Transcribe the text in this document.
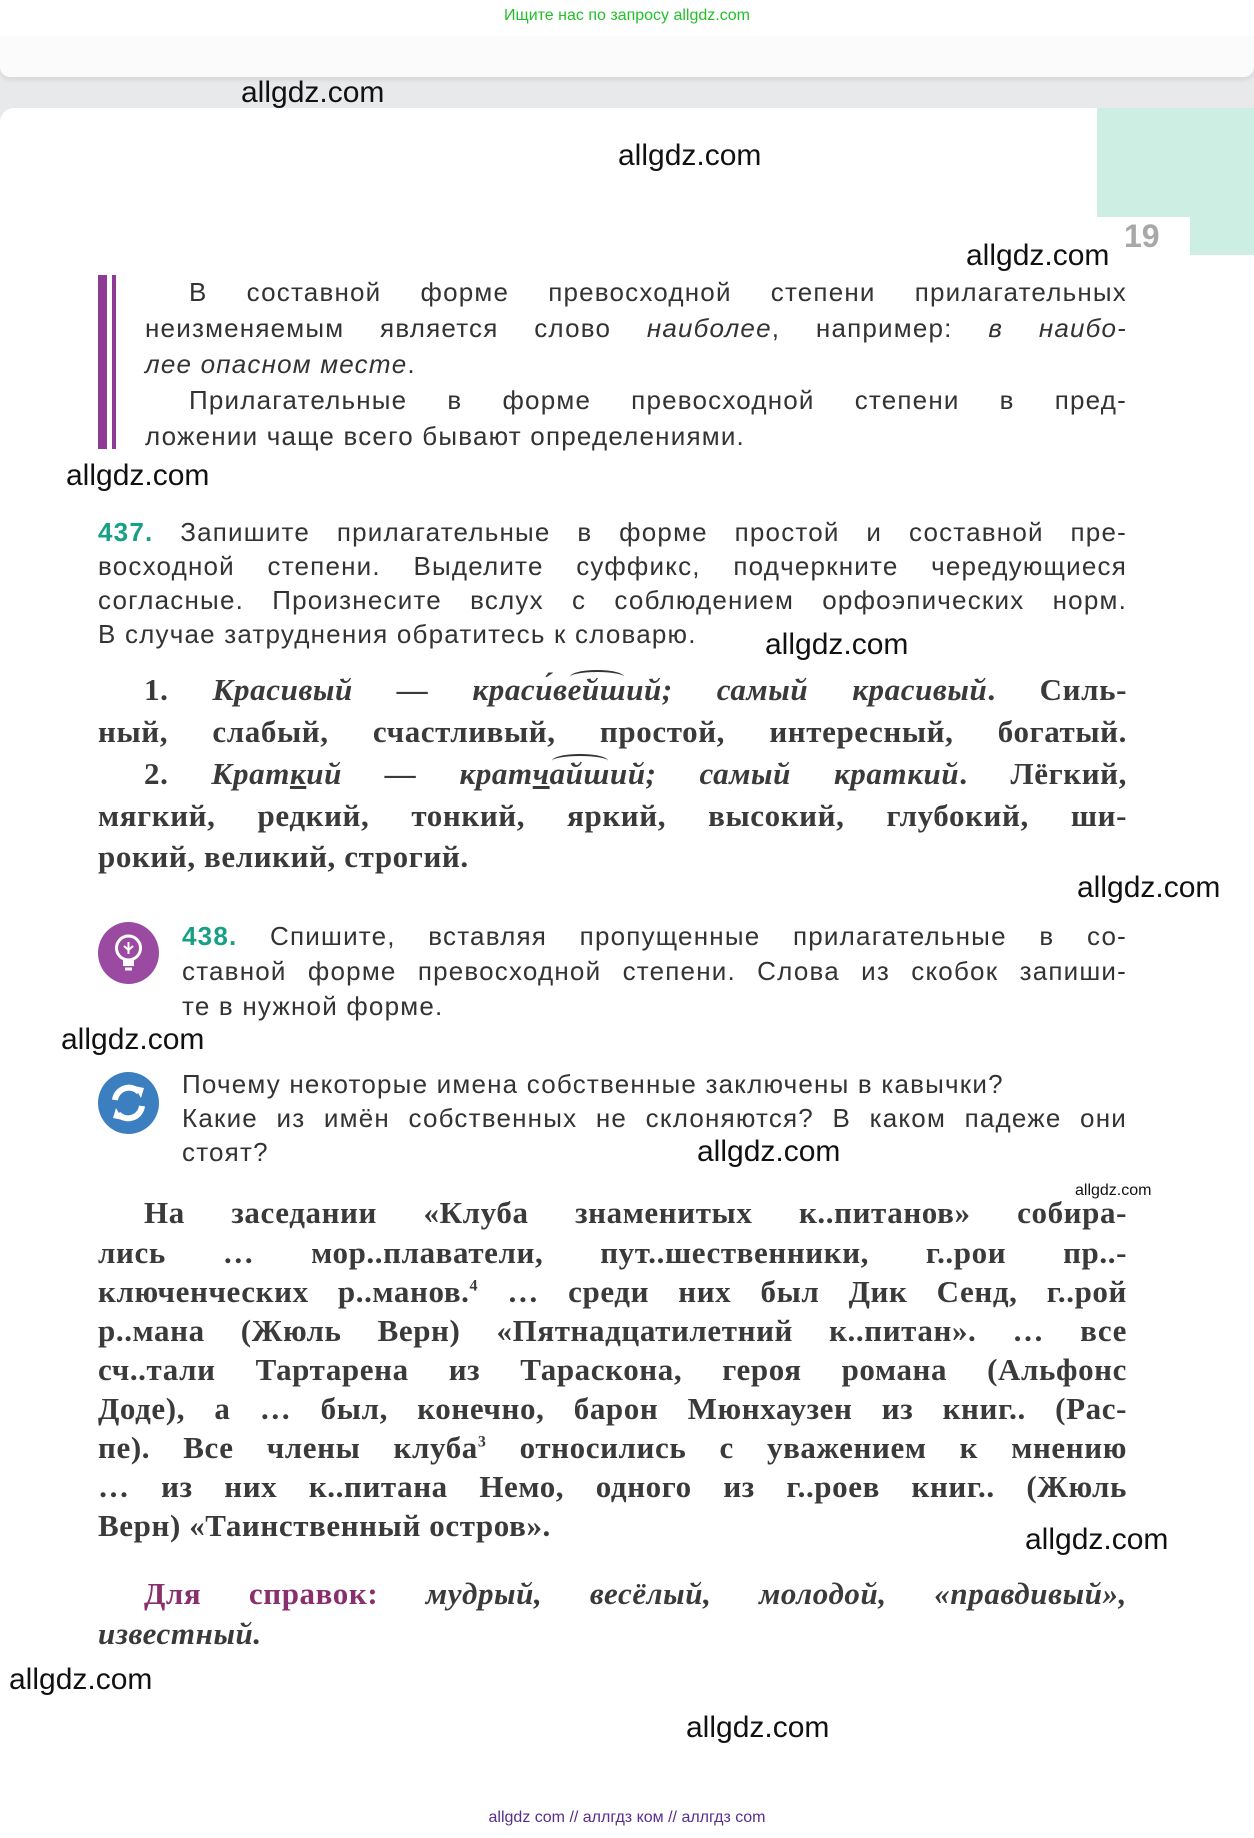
Ищите нас по запросу allgdz.com
19
В составной форме превосходной степени прилагательных
неизменяемым является слово наиболее, например: в наибо-
лее опасном месте.
Прилагательные в форме превосходной степени в пред-
ложении чаще всего бывают определениями.
437. Запишите прилагательные в форме простой и составной пре-
восходной степени. Выделите суффикс, подчеркните чередующиеся
согласные. Произнесите вслух с соблюдением орфоэпических норм.
В случае затруднения обратитесь к словарю.
1. Красивый — краси́вейший; самый красивый. Силь-
ный, слабый, счастливый, простой, интересный, богатый.
2. Краткий — кратчайший; самый краткий. Лёгкий,
мягкий, редкий, тонкий, яркий, высокий, глубокий, ши-
рокий, великий, строгий.
438. Спишите, вставляя пропущенные прилагательные в со-
ставной форме превосходной степени. Слова из скобок запиши-
те в нужной форме.
Почему некоторые имена собственные заключены в кавычки?
Какие из имён собственных не склоняются? В каком падеже они
стоят?
На заседании «Клуба знаменитых к..питанов» собира-
лись … мор..плаватели, пут..шественники, г..рои пр..-
ключенческих р..манов.$^4$ … среди них был Дик Сенд, г..рой
р..мана (Жюль Верн) «Пятнадцатилетний к..питан». … все
сч..тали Тартарена из Тараскона, героя романа (Альфонс
Доде), а … был, конечно, барон Мюнхаузен из книг.. (Рас-
пе). Все члены клуба$^3$ относились с уважением к мнению
… из них к..питана Немо, одного из г..роев книг.. (Жюль
Верн) «Таинственный остров».
Для справок: мудрый, весёлый, молодой, «правдивый»,
известный.
allgdz.com
allgdz.com
allgdz.com
allgdz.com
allgdz.com
allgdz.com
allgdz.com
allgdz.com
allgdz.com
allgdz.com
allgdz.com
allgdz.com
allgdz com // аллгдз ком // аллгдз com
